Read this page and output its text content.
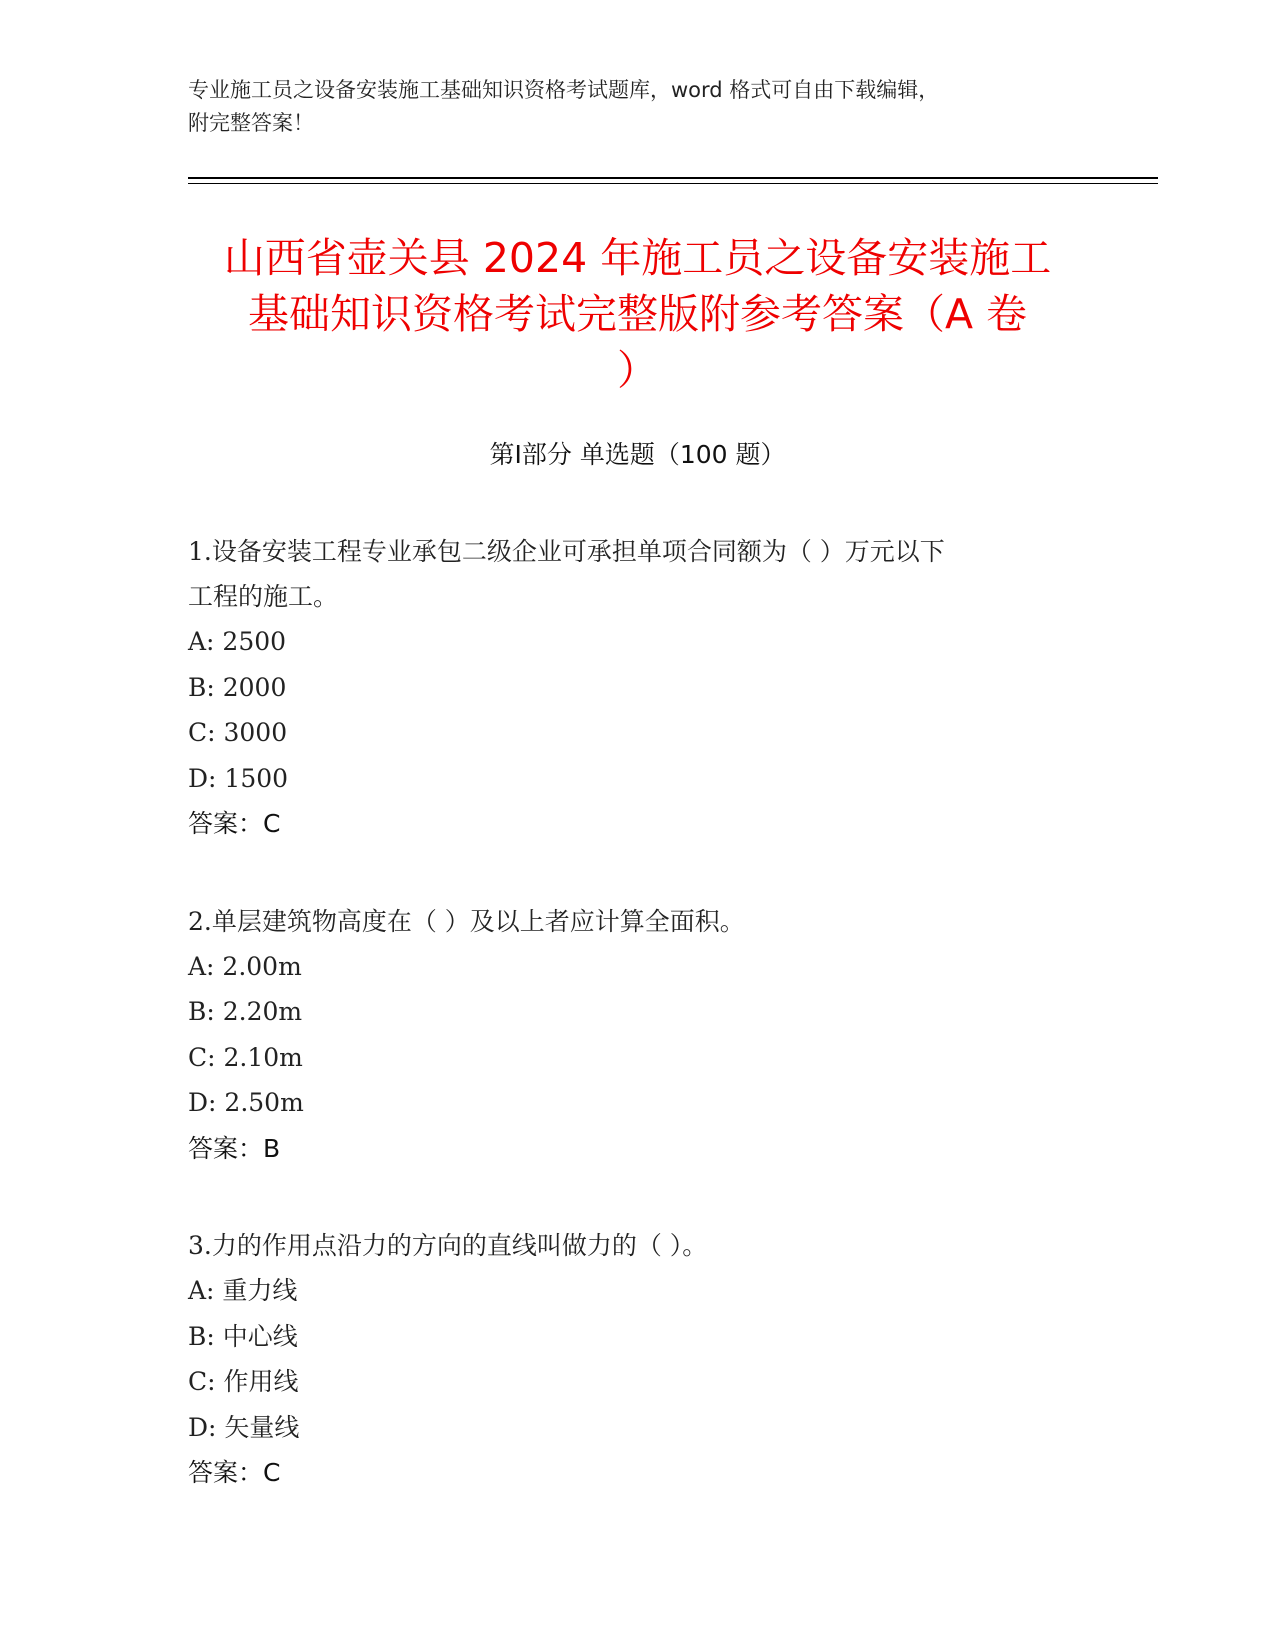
专业施工员之设备安装施工基础知识资格考试题库，word 格式可自由下载编辑，
附完整答案！
山西省壶关县 2024 年施工员之设备安装施工
基础知识资格考试完整版附参考答案（A 卷
）
第Ⅰ部分 单选题（100 题）
1.设备安装工程专业承包二级企业可承担单项合同额为（ ）万元以下
工程的施工。
A: 2500
B: 2000
C: 3000
D: 1500
答案：C
2.单层建筑物高度在（ ）及以上者应计算全面积。
A: 2.00m
B: 2.20m
C: 2.10m
D: 2.50m
答案：B
3.力的作用点沿力的方向的直线叫做力的（ ）。
A: 重力线
B: 中心线
C: 作用线
D: 矢量线
答案：C
